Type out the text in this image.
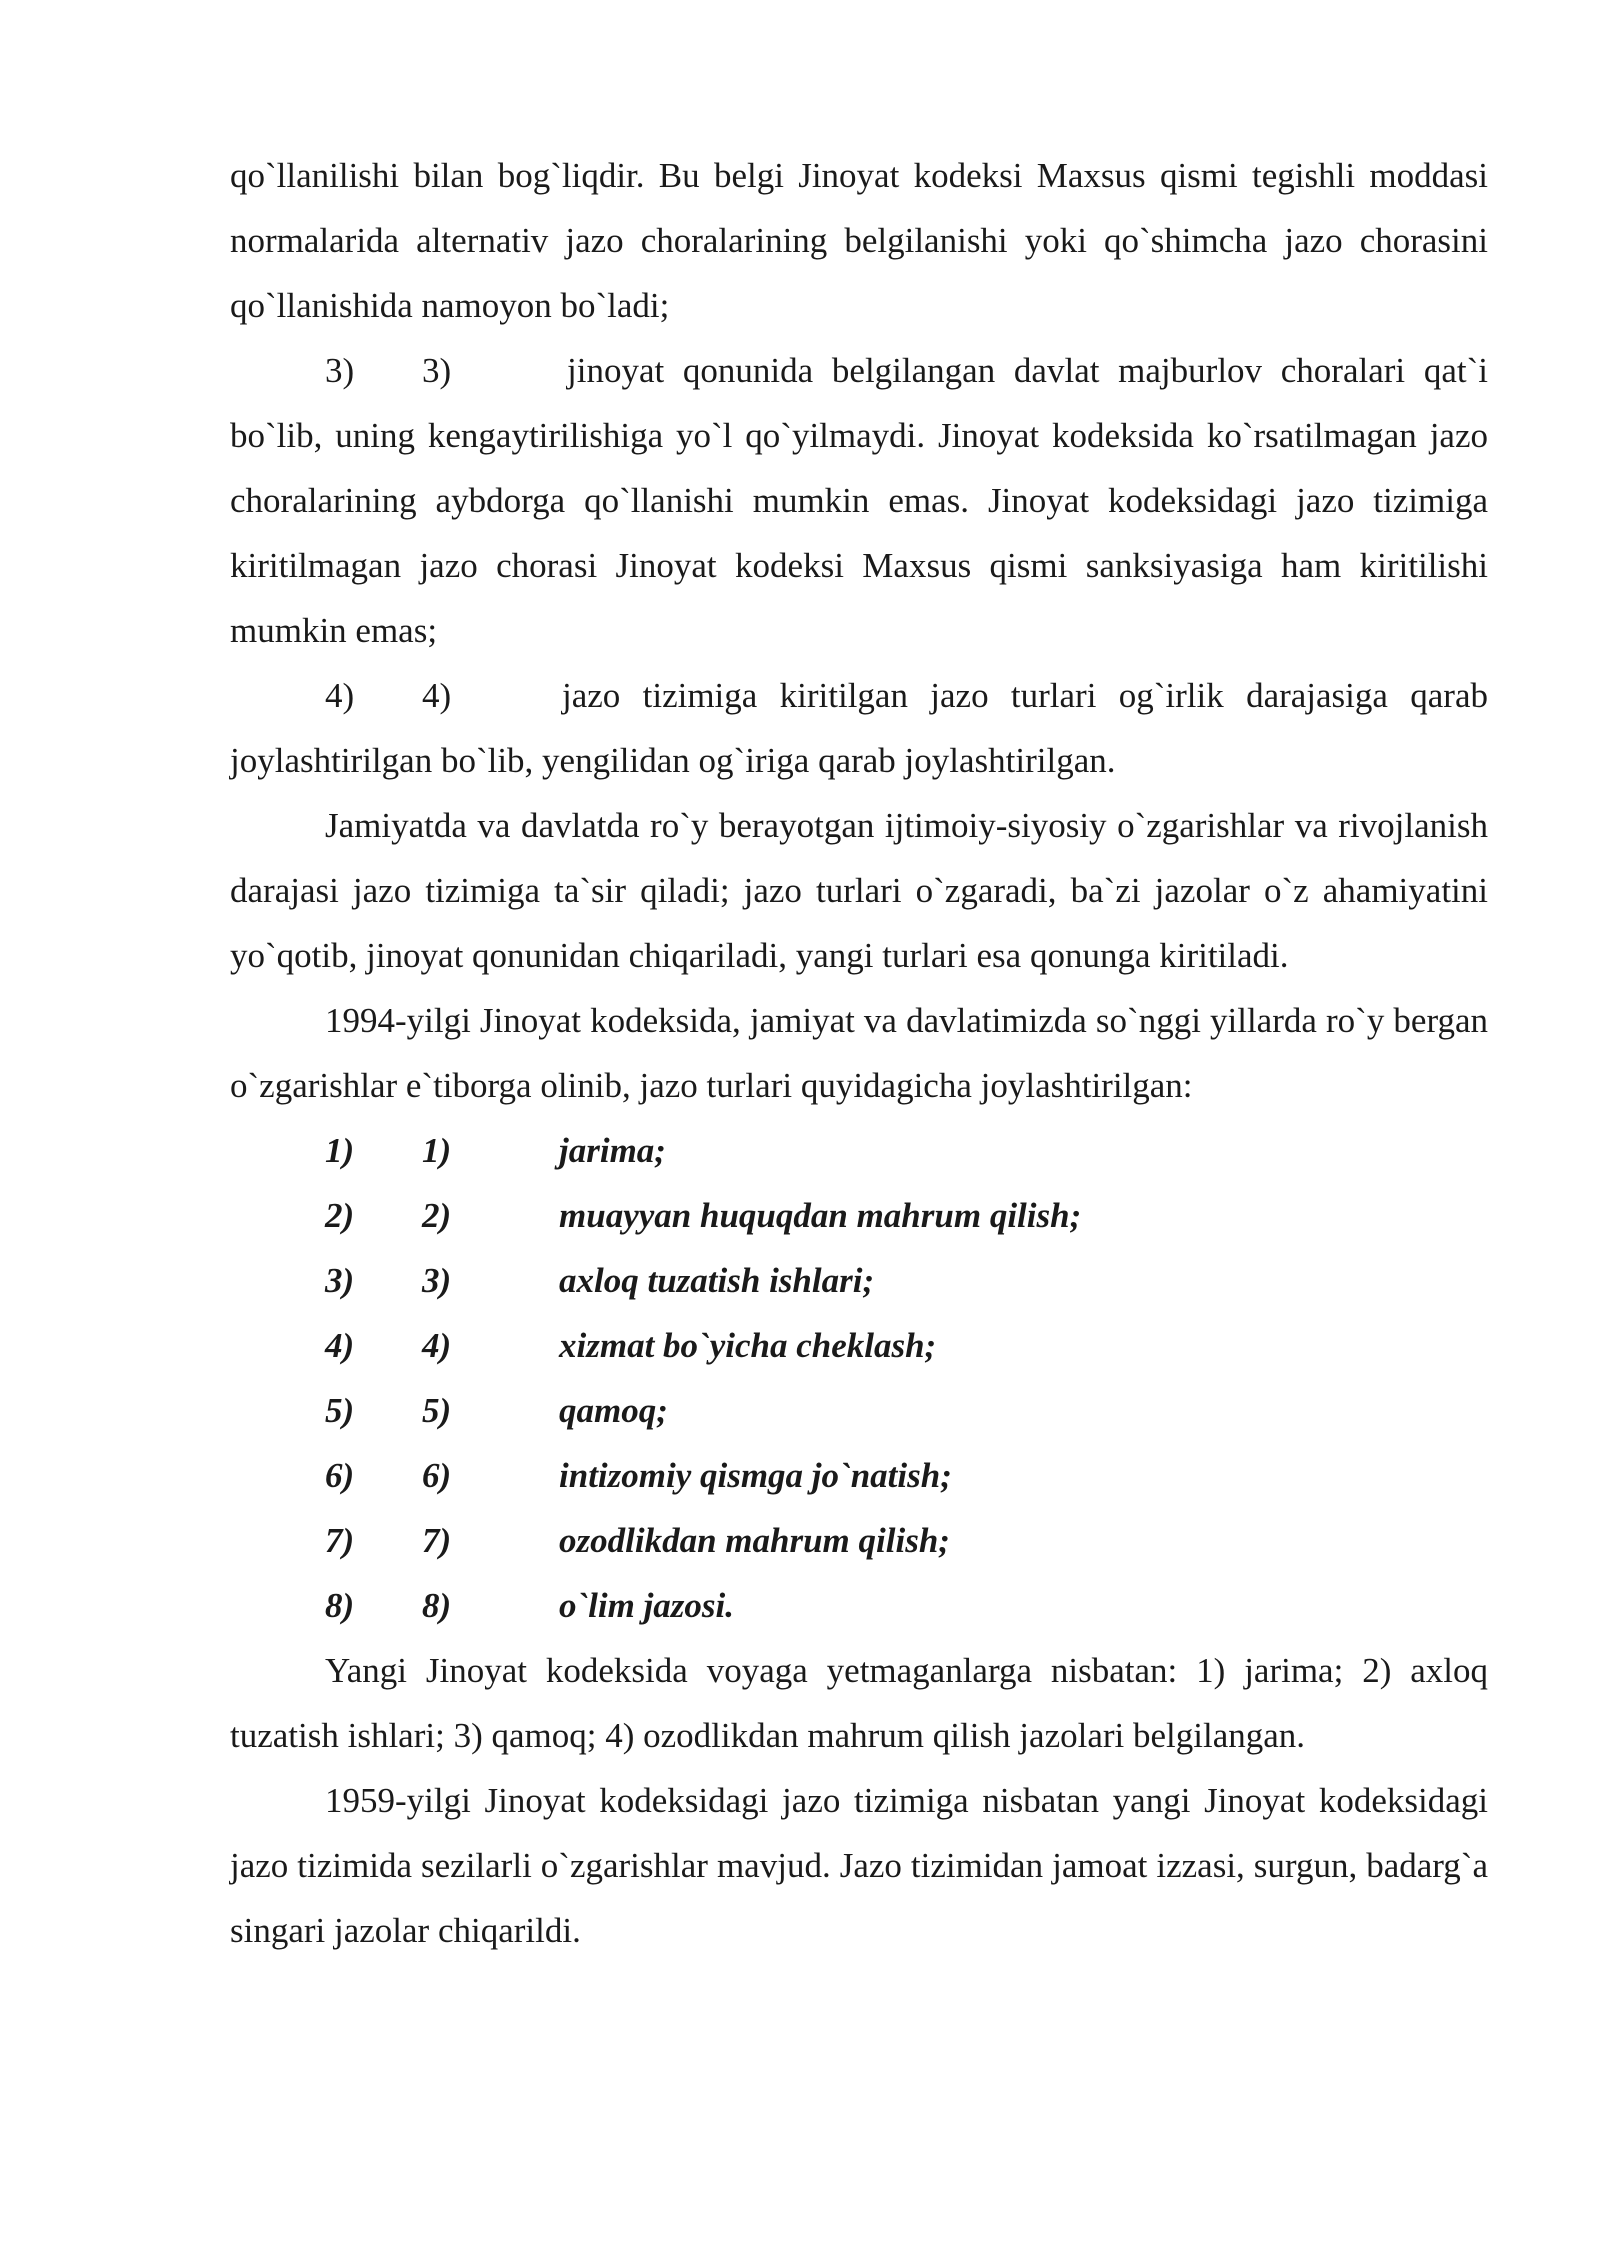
qo`llanilishi bilan bog`liqdir. Bu belgi Jinoyat kodeksi Maxsus qismi tegishli moddasi normalarida alternativ jazo choralarining belgilanishi yoki qo`shimcha jazo chorasini qo`llanishida namoyon bo`ladi;

3) 3)	jinoyat qonunida belgilangan davlat majburlov choralari qat`i bo`lib, uning kengaytirilishiga yo`l qo`yilmaydi. Jinoyat kodeksida ko`rsatilmagan jazo choralarining aybdorga qo`llanishi mumkin emas. Jinoyat kodeksidagi jazo tizimiga kiritilmagan jazo chorasi Jinoyat kodeksi Maxsus qismi sanksiyasiga ham kiritilishi mumkin emas;

4) 4)	jazo tizimiga kiritilgan jazo turlari og`irlik darajasiga qarab joylashtirilgan bo`lib, yengilidan og`iriga qarab joylashtirilgan.

Jamiyatda va davlatda ro`y berayotgan ijtimoiy-siyosiy o`zgarishlar va rivojlanish darajasi jazo tizimiga ta`sir qiladi; jazo turlari o`zgaradi, ba`zi jazolar o`z ahamiyatini yo`qotib, jinoyat qonunidan chiqariladi, yangi turlari esa qonunga kiritiladi.

1994-yilgi Jinoyat kodeksida, jamiyat va davlatimizda so`nggi yillarda ro`y bergan o`zgarishlar e`tiborga olinib, jazo turlari quyidagicha joylashtirilgan:

1) 1)	jarima;

2) 2)	muayyan huquqdan mahrum qilish;

3) 3)	axloq tuzatish ishlari;

4) 4)	xizmat bo`yicha cheklash;

5) 5)	qamoq;

6) 6)	intizomiy qismga jo`natish;

7) 7)	ozodlikdan mahrum qilish;

8) 8)	o`lim jazosi.

Yangi Jinoyat kodeksida voyaga yetmaganlarga nisbatan: 1) jarima; 2) axloq tuzatish ishlari; 3) qamoq; 4) ozodlikdan mahrum qilish jazolari belgilangan.

1959-yilgi Jinoyat kodeksidagi jazo tizimiga nisbatan yangi Jinoyat kodeksidagi jazo tizimida sezilarli o`zgarishlar mavjud. Jazo tizimidan jamoat izzasi, surgun, badarg`a singari jazolar chiqarildi.
